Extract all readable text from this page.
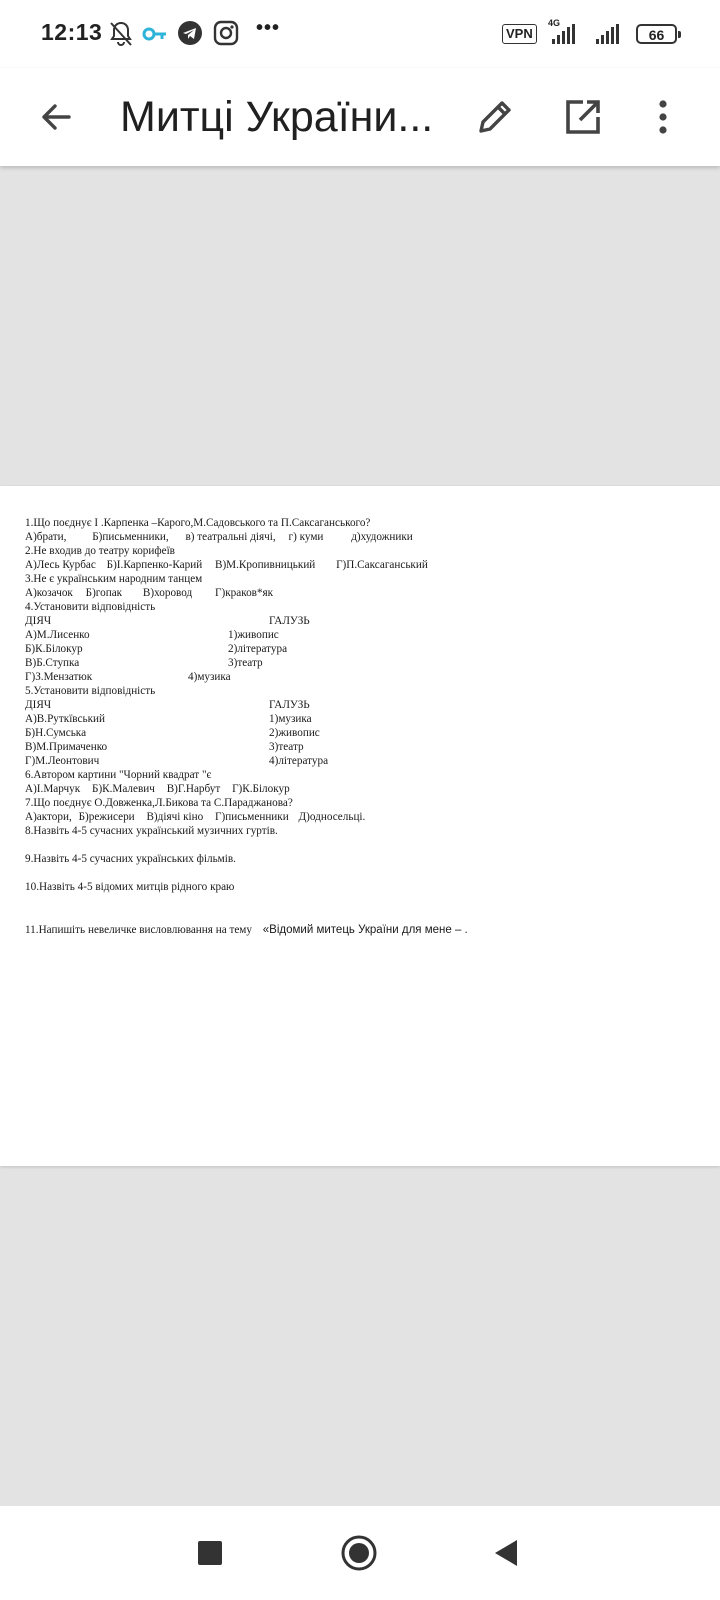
12:13	•••	VPN
4G
66
Митці України...
1.Що поєднує І .Карпенка –Карого,М.Садовського та П.Саксаганського?
А)брати, Б)письменники, в) театральні діячі, г) куми д)художники
2.Не входив до театру корифеїв
А)Лесь Курбас Б)І.Карпенко-Карий В)М.Кропивницький Г)П.Саксаганський
3.Не є українським народним танцем
А)козачок Б)гопак В)хоровод Г)краков*як
4.Установити відповідність
ДІЯЧ	ГАЛУЗЬ
А)М.Лисенко	1)живопис
Б)К.Білокур	2)література
В)Б.Ступка	3)театр
Г)З.Мензатюк	4)музика
5.Установити відповідність
ДІЯЧ	ГАЛУЗЬ
А)В.Руткївський	1)музика
Б)Н.Сумська	2)живопис
В)М.Примаченко	3)театр
Г)М.Леонтович	4)література
6.Автором картини "Чорний квадрат "є
А)І.Марчук Б)К.Малевич В)Г.Нарбут Г)К.Білокур
7.Що поєднує О.Довженка,Л.Бикова та С.Параджанова?
А)актори, Б)режисери В)діячі кіно Г)письменники Д)односельці.
8.Назвіть 4-5 сучасних український музичних гуртів.
9.Назвіть 4-5 сучасних українських фільмів.
10.Назвіть 4-5 відомих митців рідного краю
11.Напишіть невеличке висловлювання на тему «Відомий митець України для мене – .
